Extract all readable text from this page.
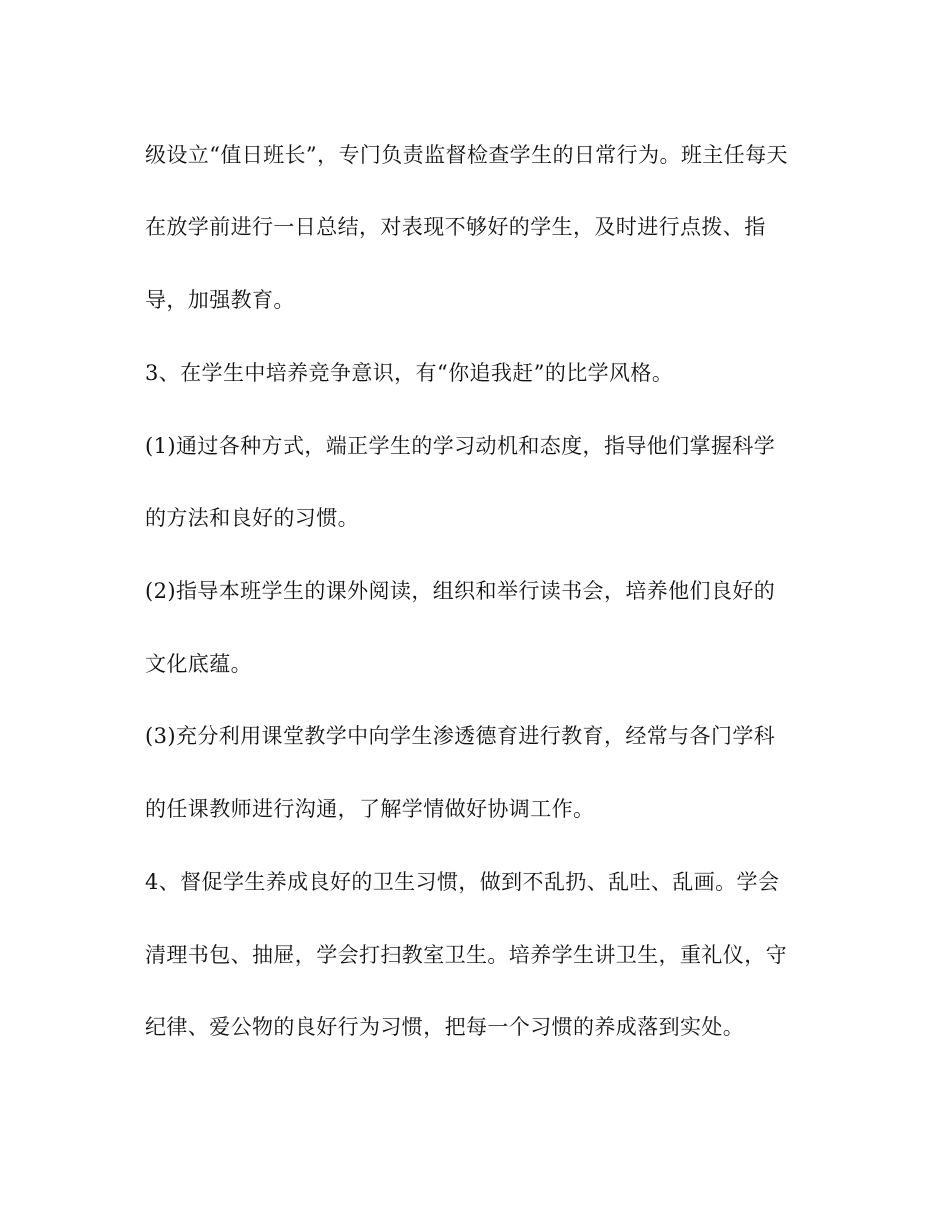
级设立“值日班长”，专门负责监督检查学生的日常行为。班主任每天
在放学前进行一日总结，对表现不够好的学生，及时进行点拨、指
导，加强教育。
3、在学生中培养竞争意识，有“你追我赶”的比学风格。
(1)通过各种方式，端正学生的学习动机和态度，指导他们掌握科学
的方法和良好的习惯。
(2)指导本班学生的课外阅读，组织和举行读书会，培养他们良好的
文化底蕴。
(3)充分利用课堂教学中向学生渗透德育进行教育，经常与各门学科
的任课教师进行沟通，了解学情做好协调工作。
4、督促学生养成良好的卫生习惯，做到不乱扔、乱吐、乱画。学会
清理书包、抽屉，学会打扫教室卫生。培养学生讲卫生，重礼仪，守
纪律、爱公物的良好行为习惯，把每一个习惯的养成落到实处。
